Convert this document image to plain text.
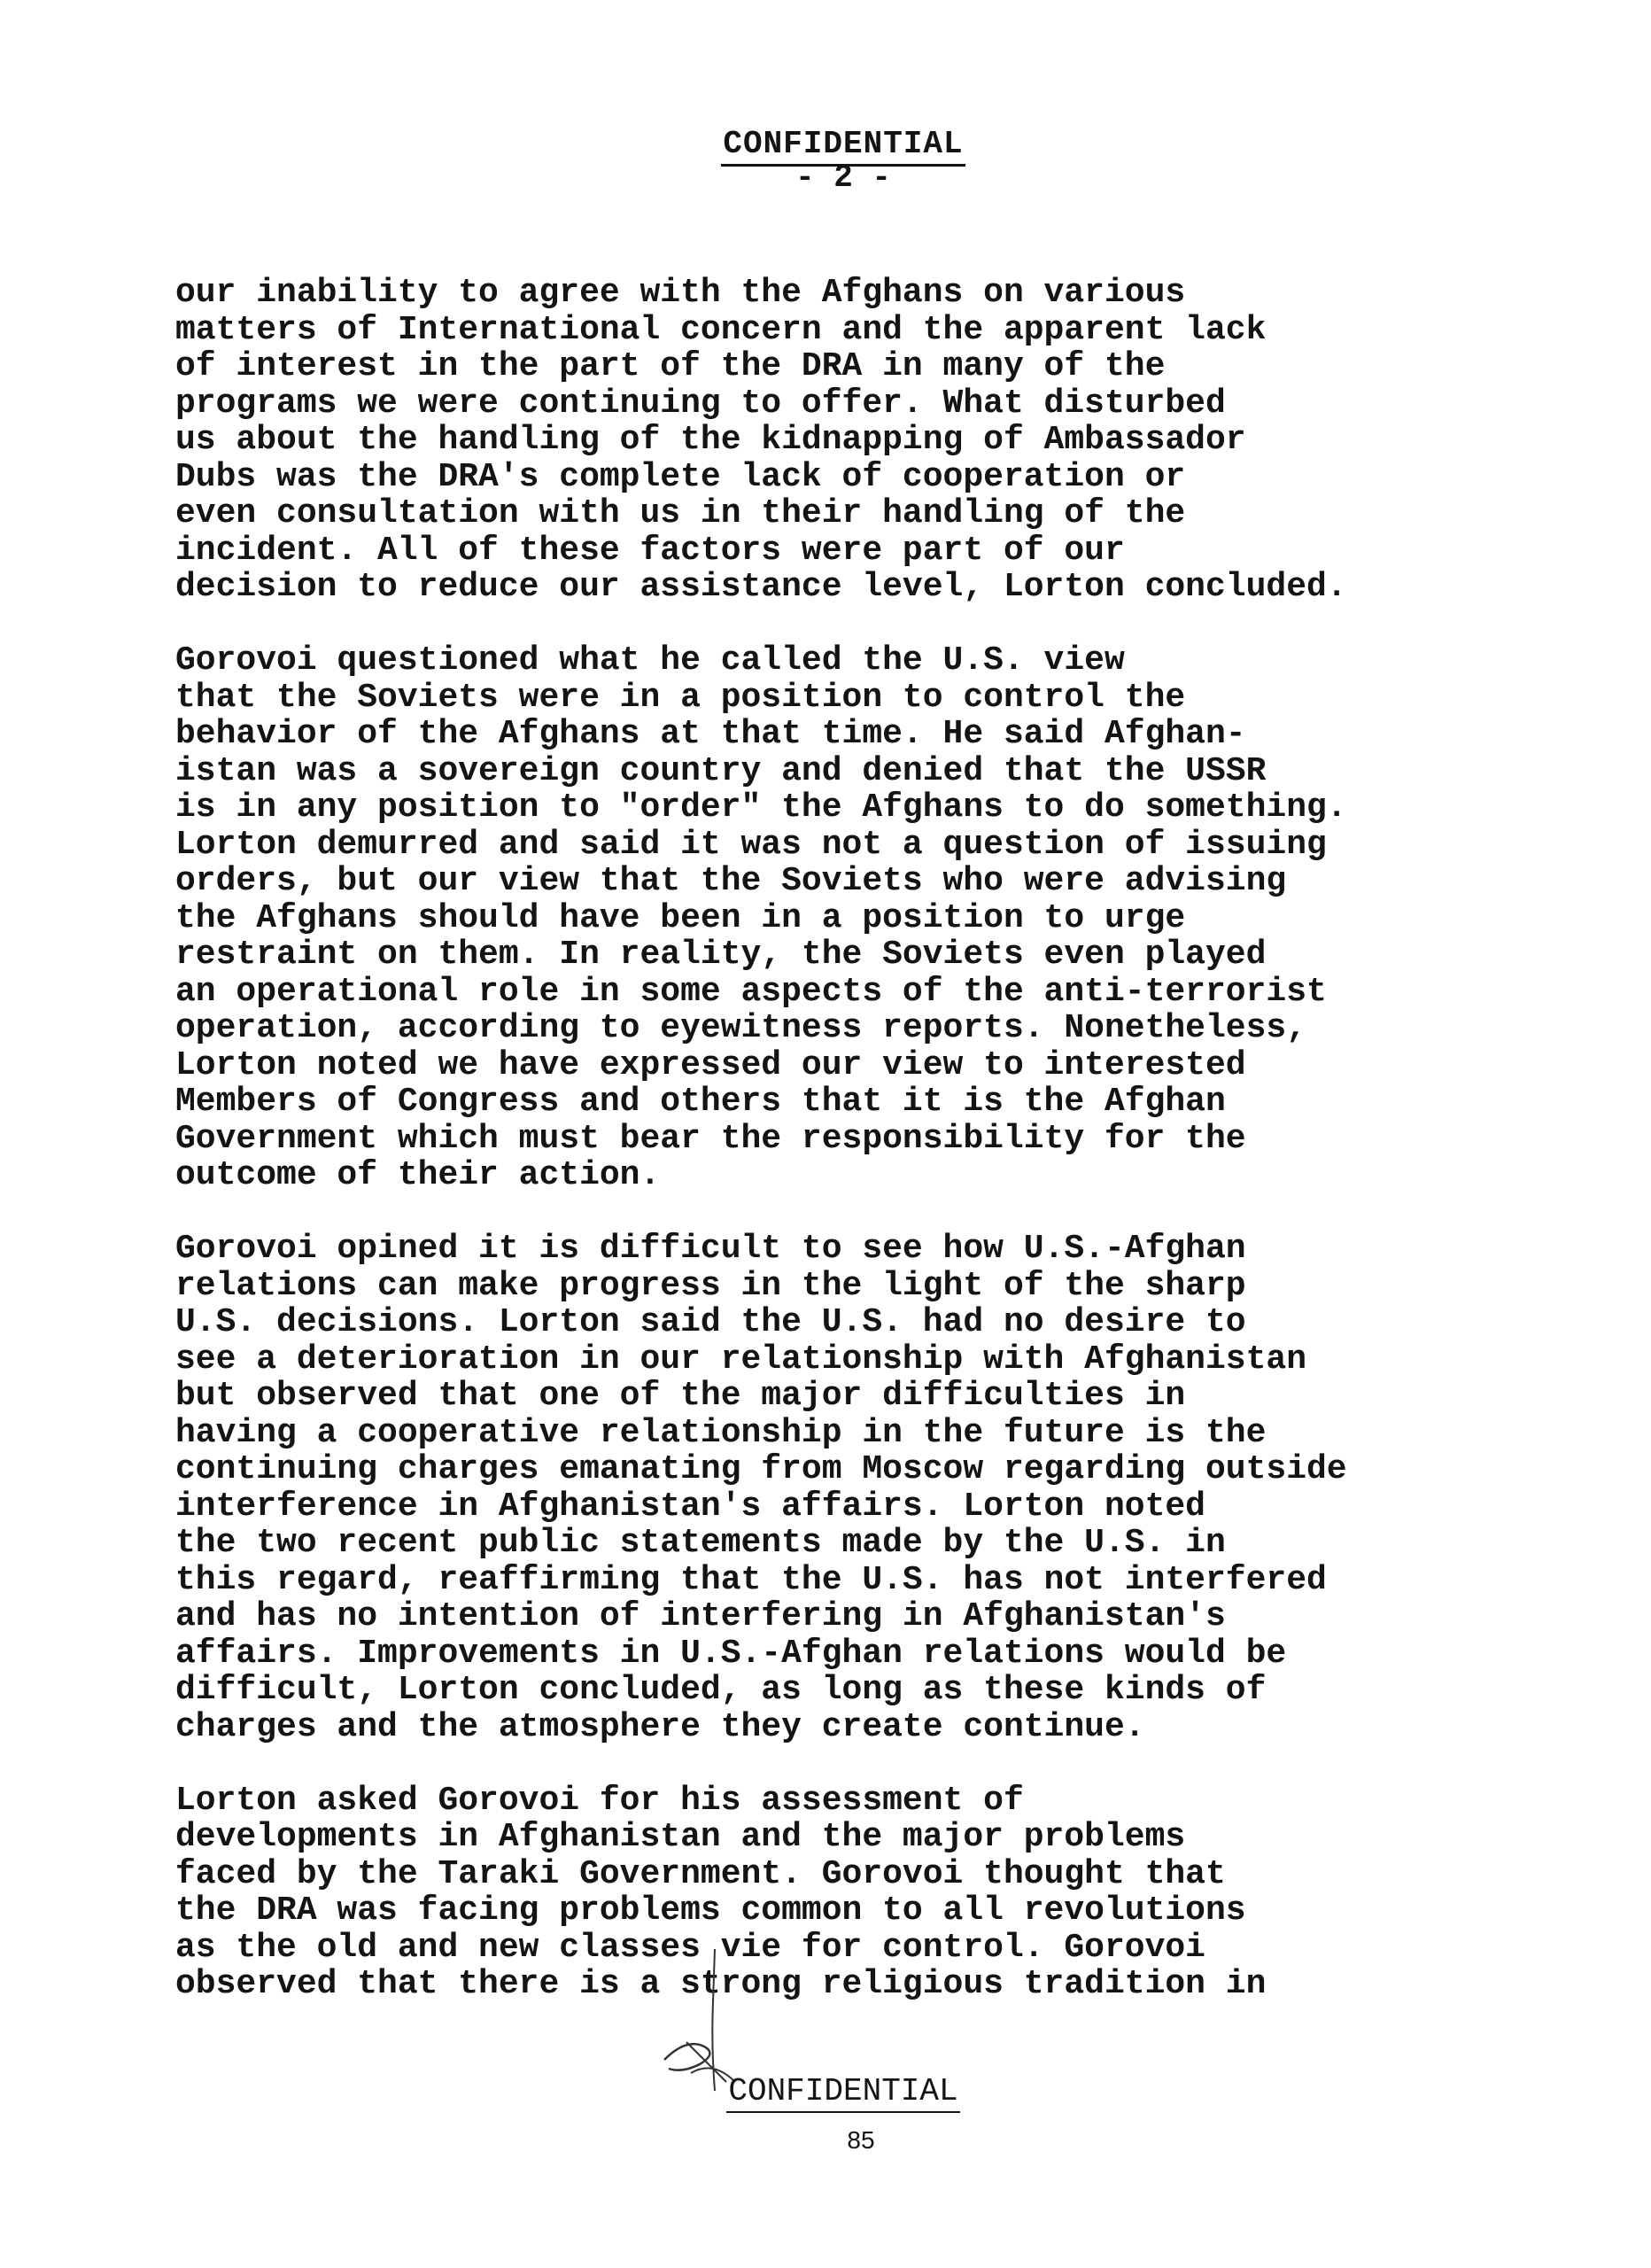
CONFIDENTIAL
- 2 -

our inability to agree with the Afghans on various
matters of International concern and the apparent lack
of interest in the part of the DRA in many of the
programs we were continuing to offer. What disturbed
us about the handling of the kidnapping of Ambassador
Dubs was the DRA's complete lack of cooperation or
even consultation with us in their handling of the
incident. All of these factors were part of our
decision to reduce our assistance level, Lorton concluded.

Gorovoi questioned what he called the U.S. view
that the Soviets were in a position to control the
behavior of the Afghans at that time. He said Afghan-
istan was a sovereign country and denied that the USSR
is in any position to "order" the Afghans to do something.
Lorton demurred and said it was not a question of issuing
orders, but our view that the Soviets who were advising
the Afghans should have been in a position to urge
restraint on them. In reality, the Soviets even played
an operational role in some aspects of the anti-terrorist
operation, according to eyewitness reports. Nonetheless,
Lorton noted we have expressed our view to interested
Members of Congress and others that it is the Afghan
Government which must bear the responsibility for the
outcome of their action.

Gorovoi opined it is difficult to see how U.S.-Afghan
relations can make progress in the light of the sharp
U.S. decisions. Lorton said the U.S. had no desire to
see a deterioration in our relationship with Afghanistan
but observed that one of the major difficulties in
having a cooperative relationship in the future is the
continuing charges emanating from Moscow regarding outside
interference in Afghanistan's affairs. Lorton noted
the two recent public statements made by the U.S. in
this regard, reaffirming that the U.S. has not interfered
and has no intention of interfering in Afghanistan's
affairs. Improvements in U.S.-Afghan relations would be
difficult, Lorton concluded, as long as these kinds of
charges and the atmosphere they create continue.

Lorton asked Gorovoi for his assessment of
developments in Afghanistan and the major problems
faced by the Taraki Government. Gorovoi thought that
the DRA was facing problems common to all revolutions
as the old and new classes vie for control. Gorovoi
observed that there is a strong religious tradition in

CONFIDENTIAL
85
